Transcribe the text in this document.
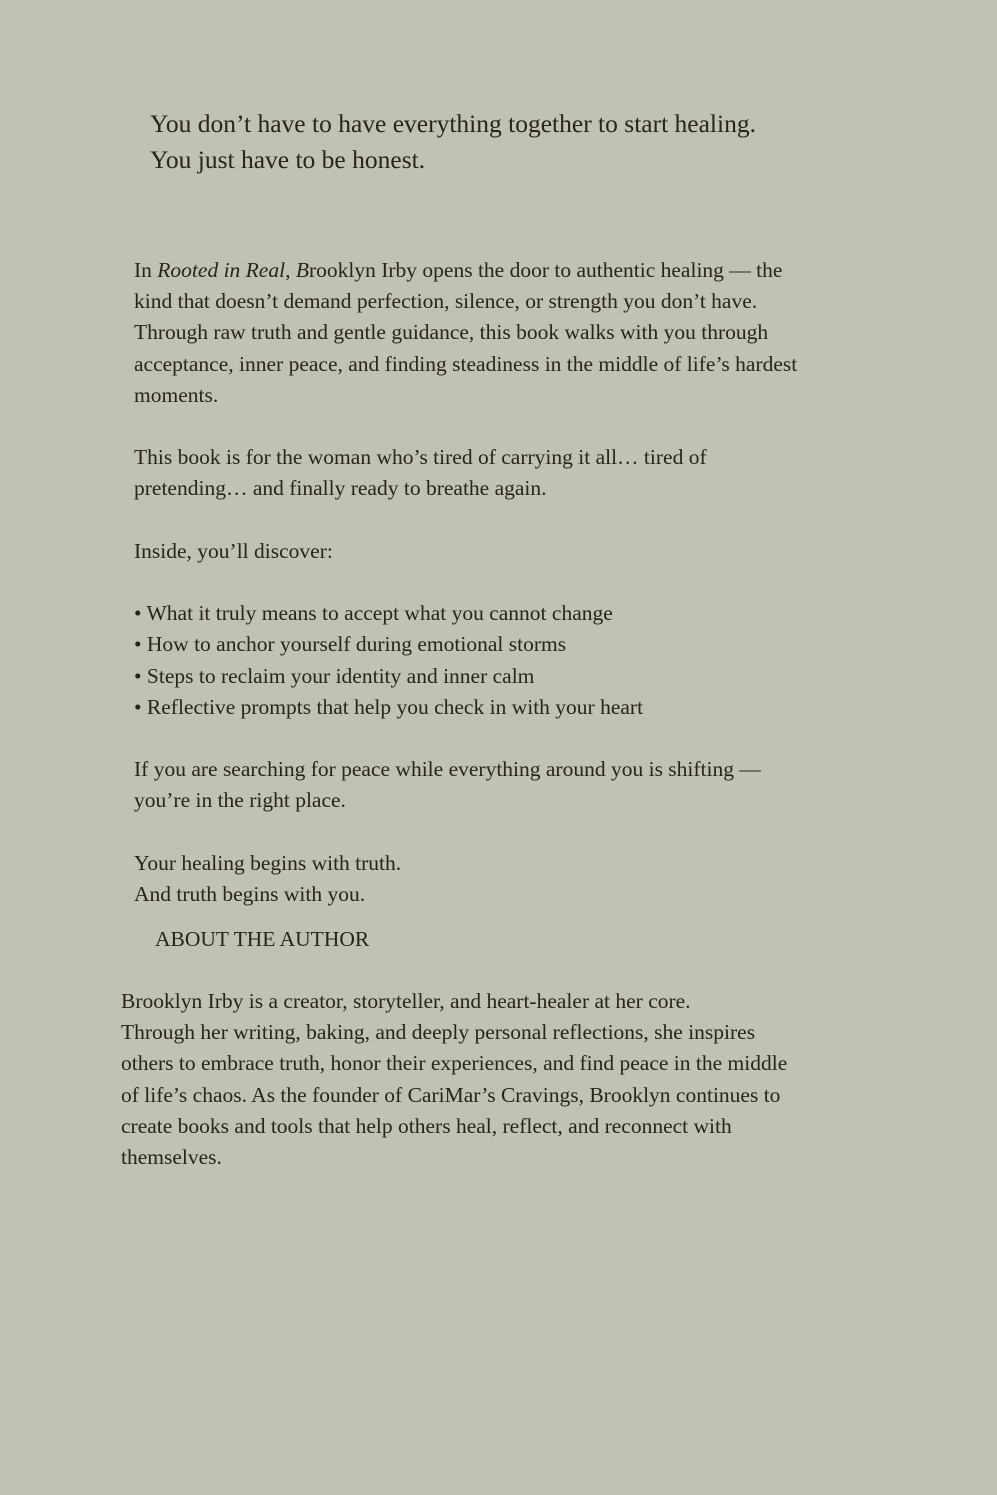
You don’t have to have everything together to start healing.
You just have to be honest.

In Rooted in Real, Brooklyn Irby opens the door to authentic healing — the
kind that doesn’t demand perfection, silence, or strength you don’t have.
Through raw truth and gentle guidance, this book walks with you through
acceptance, inner peace, and finding steadiness in the middle of life’s hardest
moments.

This book is for the woman who’s tired of carrying it all… tired of
pretending… and finally ready to breathe again.

Inside, you’ll discover:

• What it truly means to accept what you cannot change
• How to anchor yourself during emotional storms
• Steps to reclaim your identity and inner calm
• Reflective prompts that help you check in with your heart

If you are searching for peace while everything around you is shifting —
you’re in the right place.

Your healing begins with truth.
And truth begins with you.

ABOUT THE AUTHOR
Brooklyn Irby is a creator, storyteller, and heart-healer at her core.
Through her writing, baking, and deeply personal reflections, she inspires
others to embrace truth, honor their experiences, and find peace in the middle
of life’s chaos. As the founder of CariMar’s Cravings, Brooklyn continues to
create books and tools that help others heal, reflect, and reconnect with
themselves.
